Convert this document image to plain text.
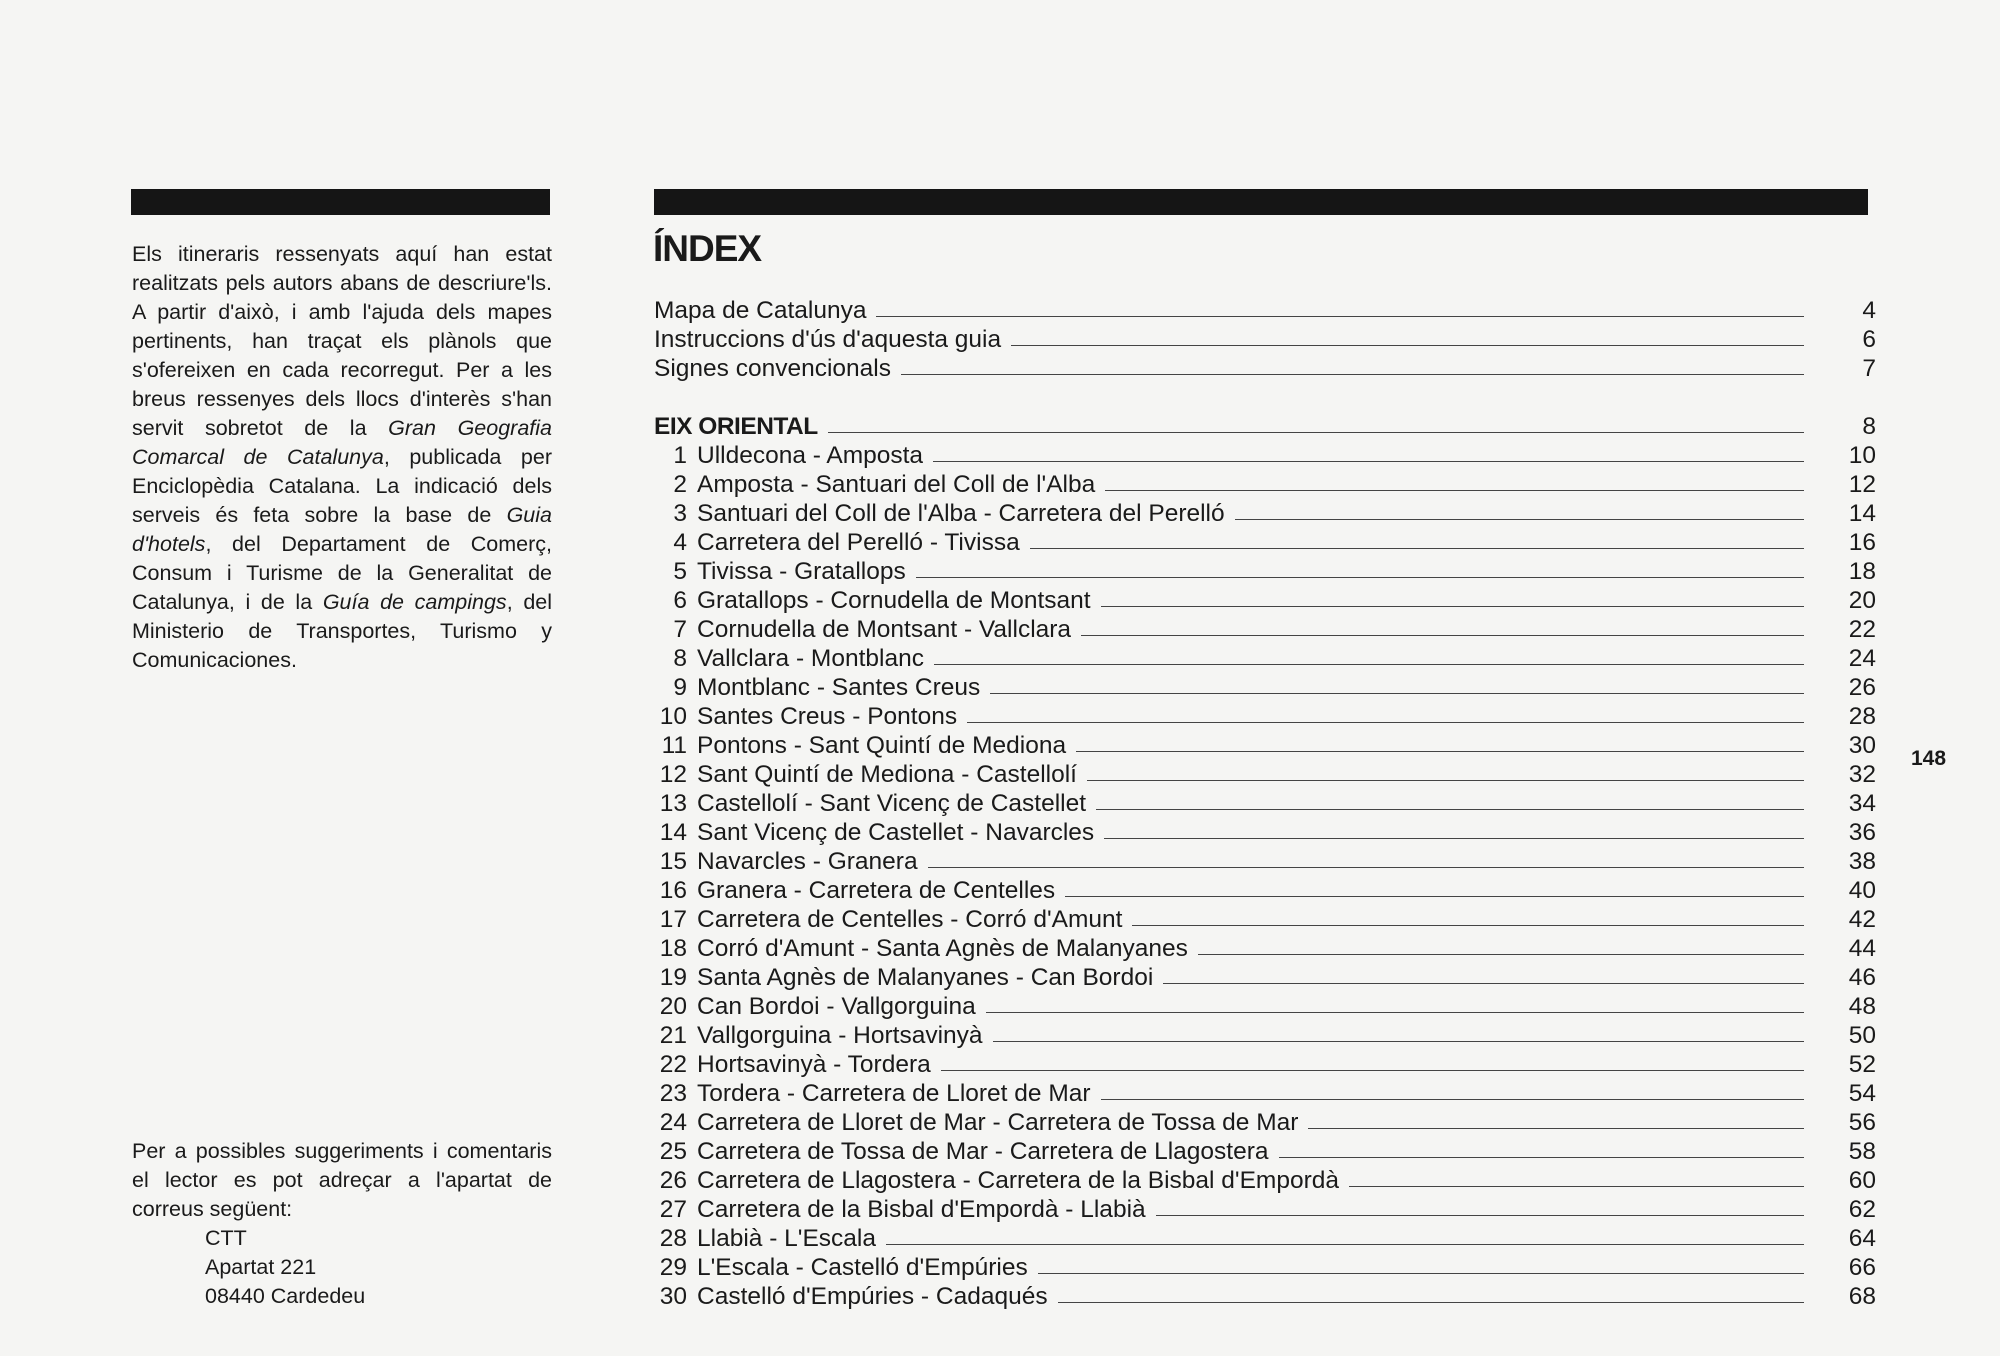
Els itineraris ressenyats aquí han estat realitzats pels autors abans de descriure'ls. A partir d'això, i amb l'ajuda dels mapes pertinents, han traçat els plànols que s'ofereixen en cada recorregut. Per a les breus ressenyes dels llocs d'interès s'han servit sobretot de la Gran Geografia Comarcal de Catalunya, publicada per Enciclopèdia Catalana. La indicació dels serveis és feta sobre la base de Guia d'hotels, del Departament de Comerç, Consum i Turisme de la Generalitat de Catalunya, i de la Guía de campings, del Ministerio de Transportes, Turismo y Comunicaciones.

Per a possibles suggeriments i comentaris el lector es pot adreçar a l'apartat de correus següent:

CTT
Apartat 221
08440 Cardedeu
ÍNDEX
Mapa de Catalunya	4
Instruccions d'ús d'aquesta guia	6
Signes convencionals	7
EIX ORIENTAL	8
1 Ulldecona - Amposta	10
2 Amposta - Santuari del Coll de l'Alba	12
3 Santuari del Coll de l'Alba - Carretera del Perelló	14
4 Carretera del Perelló - Tivissa	16
5 Tivissa - Gratallops	18
6 Gratallops - Cornudella de Montsant	20
7 Cornudella de Montsant - Vallclara	22
8 Vallclara - Montblanc	24
9 Montblanc - Santes Creus	26
10 Santes Creus - Pontons	28
11 Pontons - Sant Quintí de Mediona	30
12 Sant Quintí de Mediona - Castellolí	32
13 Castellolí - Sant Vicenç de Castellet	34
14 Sant Vicenç de Castellet - Navarcles	36
15 Navarcles - Granera	38
16 Granera - Carretera de Centelles	40
17 Carretera de Centelles - Corró d'Amunt	42
18 Corró d'Amunt - Santa Agnès de Malanyanes	44
19 Santa Agnès de Malanyanes - Can Bordoi	46
20 Can Bordoi - Vallgorguina	48
21 Vallgorguina - Hortsavinyà	50
22 Hortsavinyà - Tordera	52
23 Tordera - Carretera de Lloret de Mar	54
24 Carretera de Lloret de Mar - Carretera de Tossa de Mar	56
25 Carretera de Tossa de Mar - Carretera de Llagostera	58
26 Carretera de Llagostera - Carretera de la Bisbal d'Empordà	60
27 Carretera de la Bisbal d'Empordà - Llabià	62
28 Llabià - L'Escala	64
29 L'Escala - Castelló d'Empúries	66
30 Castelló d'Empúries - Cadaqués	68
148
